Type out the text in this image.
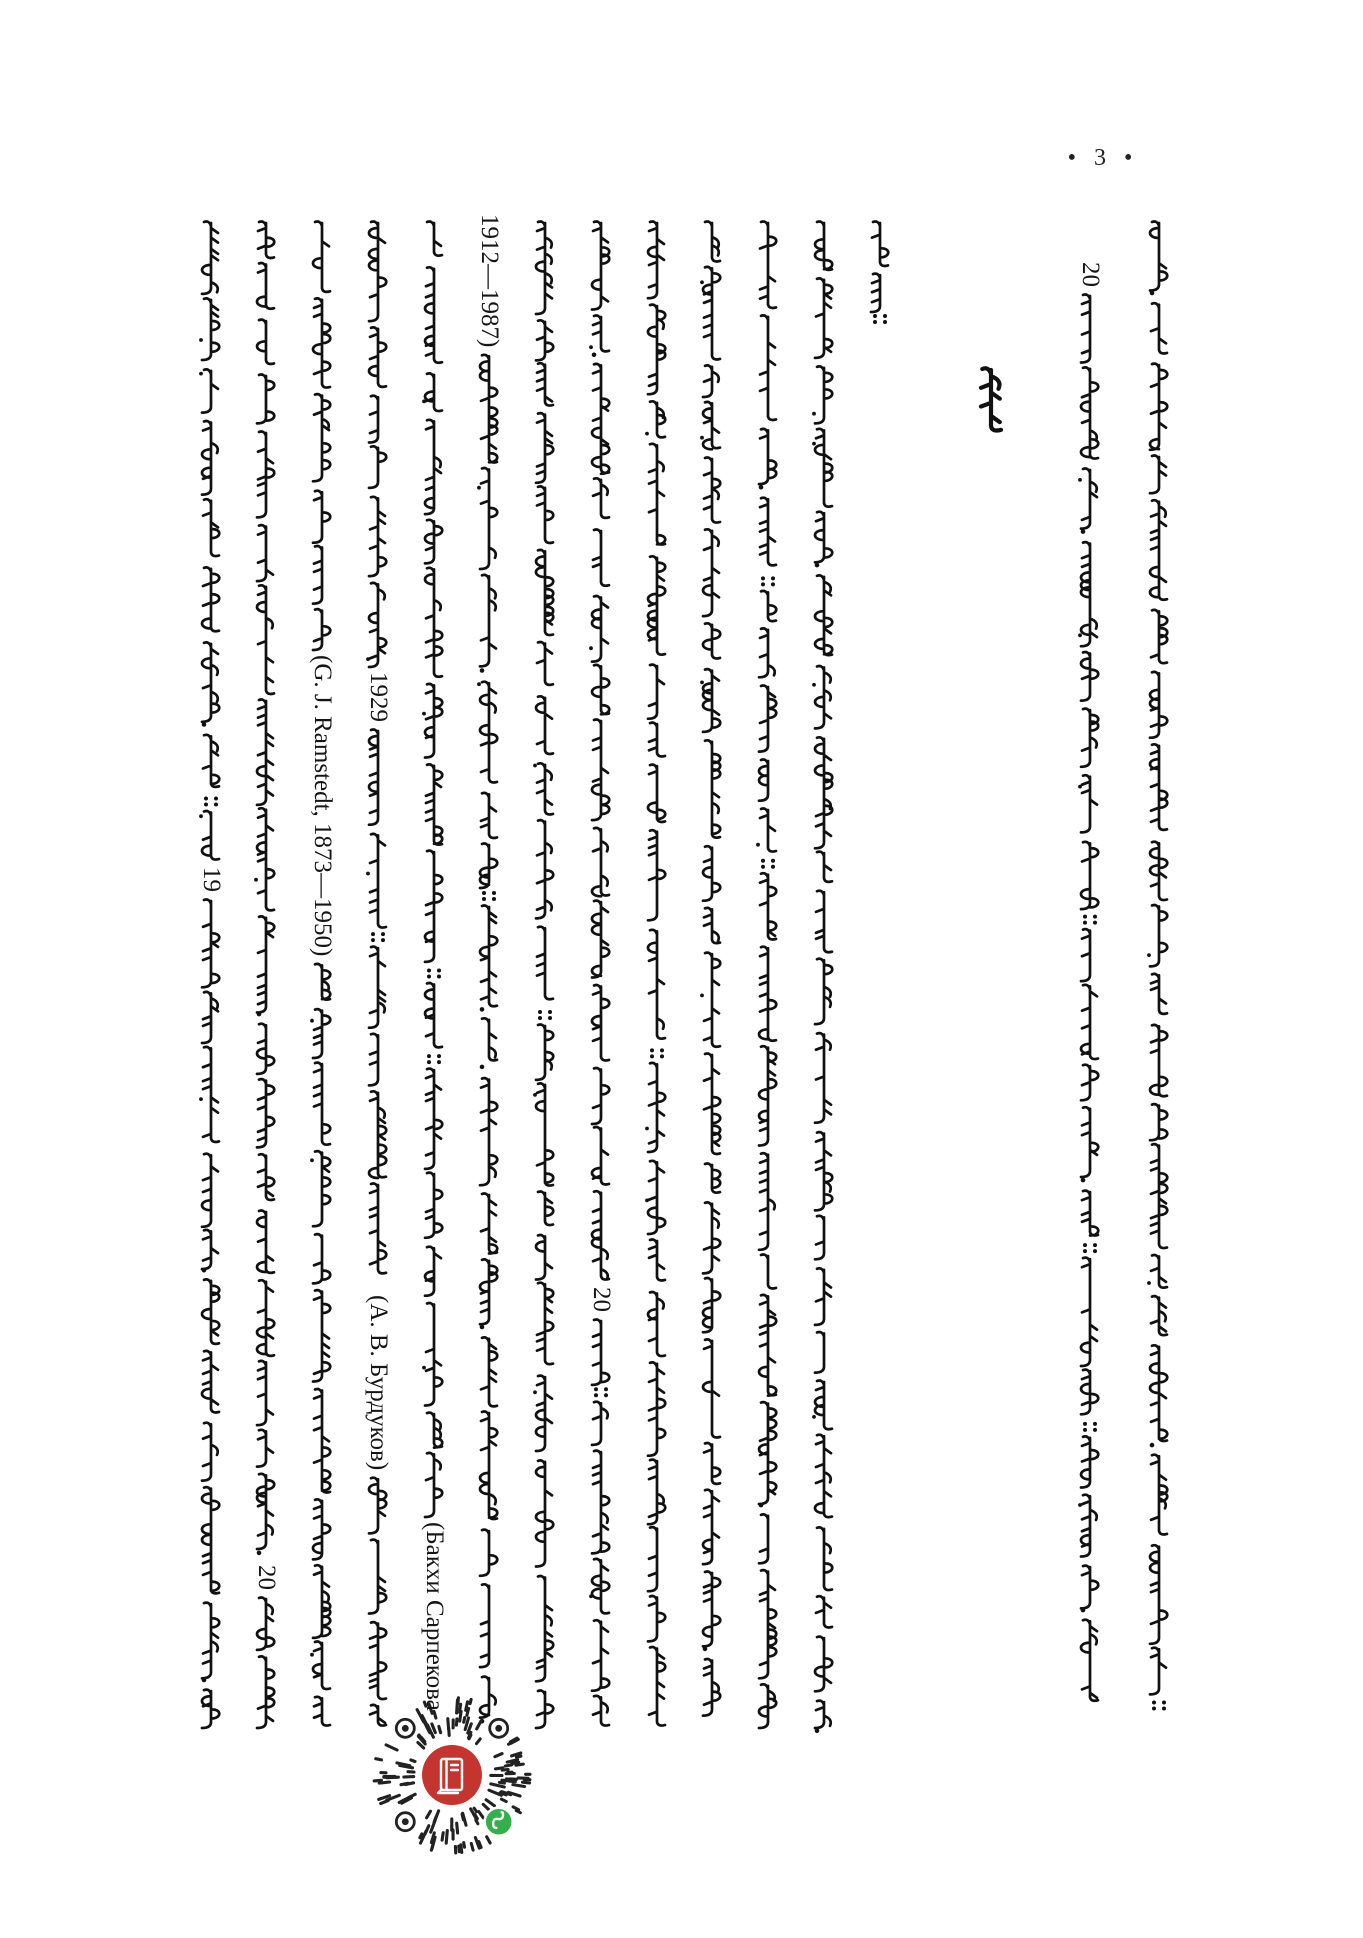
• 3 •
19
20
(G. J. Ramstedt, 1873—1950) 1929
(А. В. Бурдуков)
(Бакхи Сарпекова
1912—1987)
20
20
